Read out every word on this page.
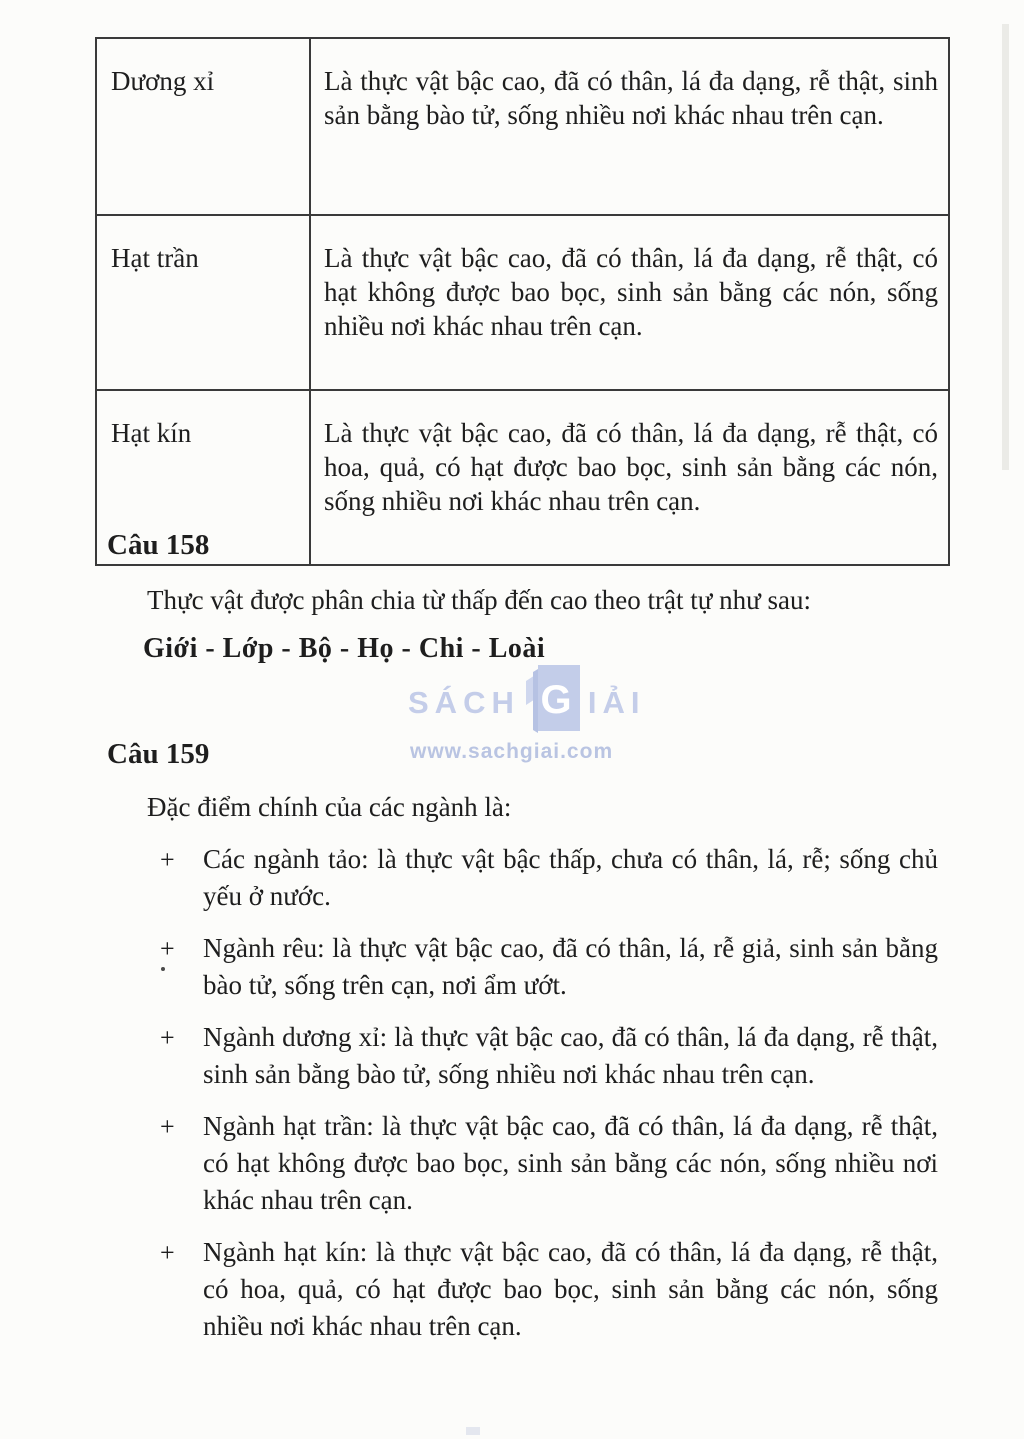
SÁCH G IẢI
www.sachgiai.com
Dương xỉ	Là thực vật bậc cao, đã có thân, lá đa dạng, rễ thật, sinh sản bằng bào tử, sống nhiều nơi khác nhau trên cạn.
Hạt trần	Là thực vật bậc cao, đã có thân, lá đa dạng, rễ thật, có hạt không được bao bọc, sinh sản bằng các nón, sống nhiều nơi khác nhau trên cạn.
Hạt kín	Là thực vật bậc cao, đã có thân, lá đa dạng, rễ thật, có hoa, quả, có hạt được bao bọc, sinh sản bằng các nón, sống nhiều nơi khác nhau trên cạn.
Câu 158
Thực vật được phân chia từ thấp đến cao theo trật tự như sau:
Giới - Lớp - Bộ - Họ - Chi - Loài
Câu 159
Đặc điểm chính của các ngành là:
+ Các ngành tảo: là thực vật bậc thấp, chưa có thân, lá, rễ; sống chủ yếu ở nước.
+ Ngành rêu: là thực vật bậc cao, đã có thân, lá, rễ giả, sinh sản bằng bào tử, sống trên cạn, nơi ẩm ướt.
+ Ngành dương xỉ: là thực vật bậc cao, đã có thân, lá đa dạng, rễ thật, sinh sản bằng bào tử, sống nhiều nơi khác nhau trên cạn.
+ Ngành hạt trần: là thực vật bậc cao, đã có thân, lá đa dạng, rễ thật, có hạt không được bao bọc, sinh sản bằng các nón, sống nhiều nơi khác nhau trên cạn.
+ Ngành hạt kín: là thực vật bậc cao, đã có thân, lá đa dạng, rễ thật, có hoa, quả, có hạt được bao bọc, sinh sản bằng các nón, sống nhiều nơi khác nhau trên cạn.
